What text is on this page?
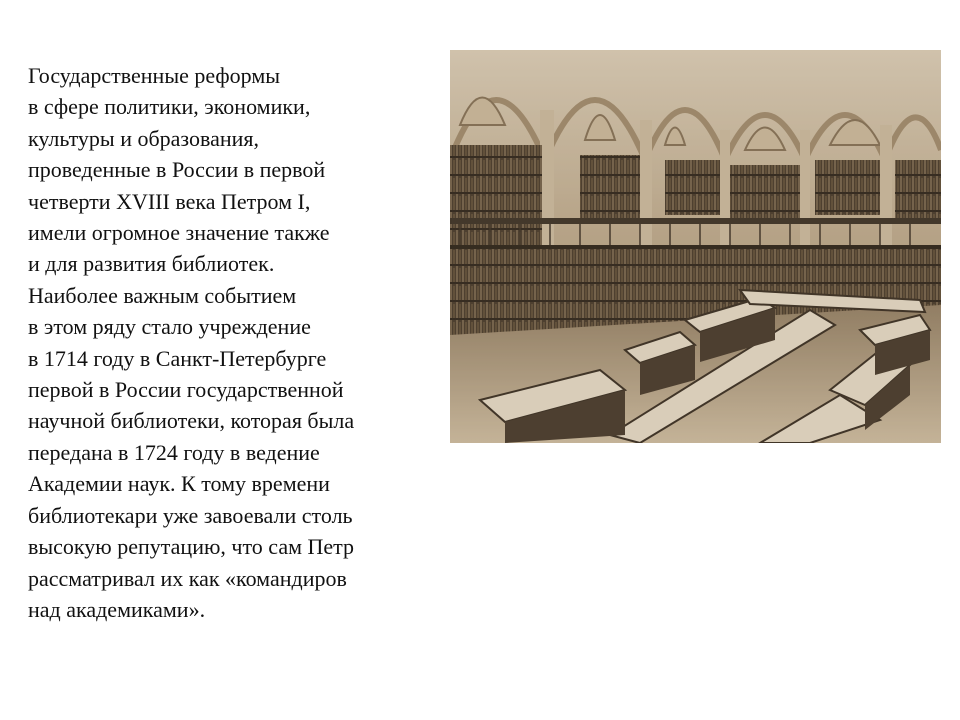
Государственные реформы
в сфере политики, экономики,
культуры и образования,
проведенные в России в первой
четверти XVIII века Петром I,
имели огромное значение также
и для развития библиотек.
Наиболее важным событием
в этом ряду стало учреждение
в 1714 году в Санкт-Петербурге
первой в России государственной
научной библиотеки, которая была
передана в 1724 году в ведение
Академии наук. К тому времени
библиотекари уже завоевали столь
высокую репутацию, что сам Петр
рассматривал их как «командиров
над академиками».
